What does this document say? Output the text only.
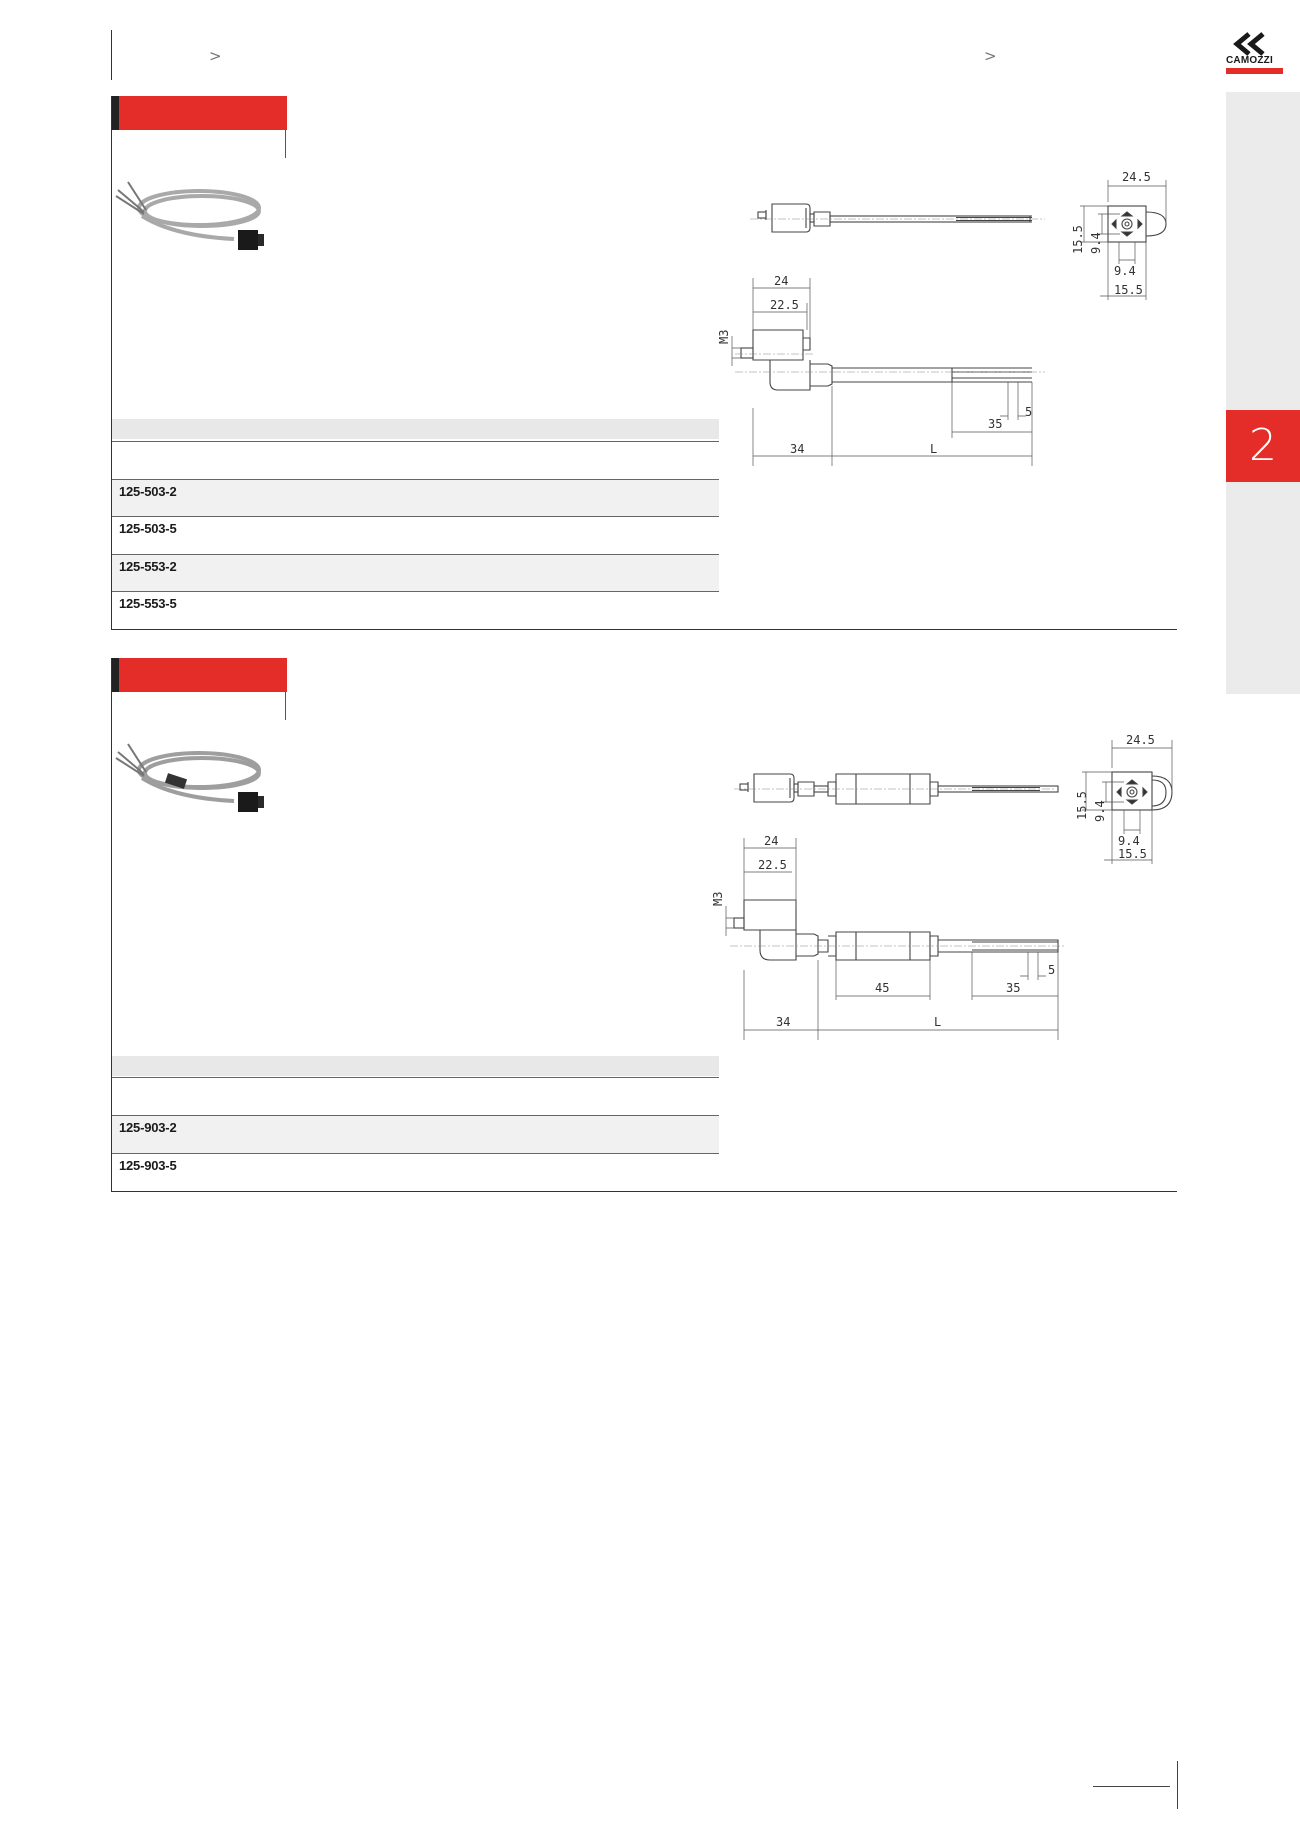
>	>	CAMOZZI
2
125-503-2
125-503-5
125-553-2
125-553-5
24
22.5
M3
5
35
34	L
24.5
15.5 9.4
9.4
15.5
125-903-2
125-903-5
24
22.5
M3
5
45	35
34	L
24.5
15.5 9.4
9.4
15.5
